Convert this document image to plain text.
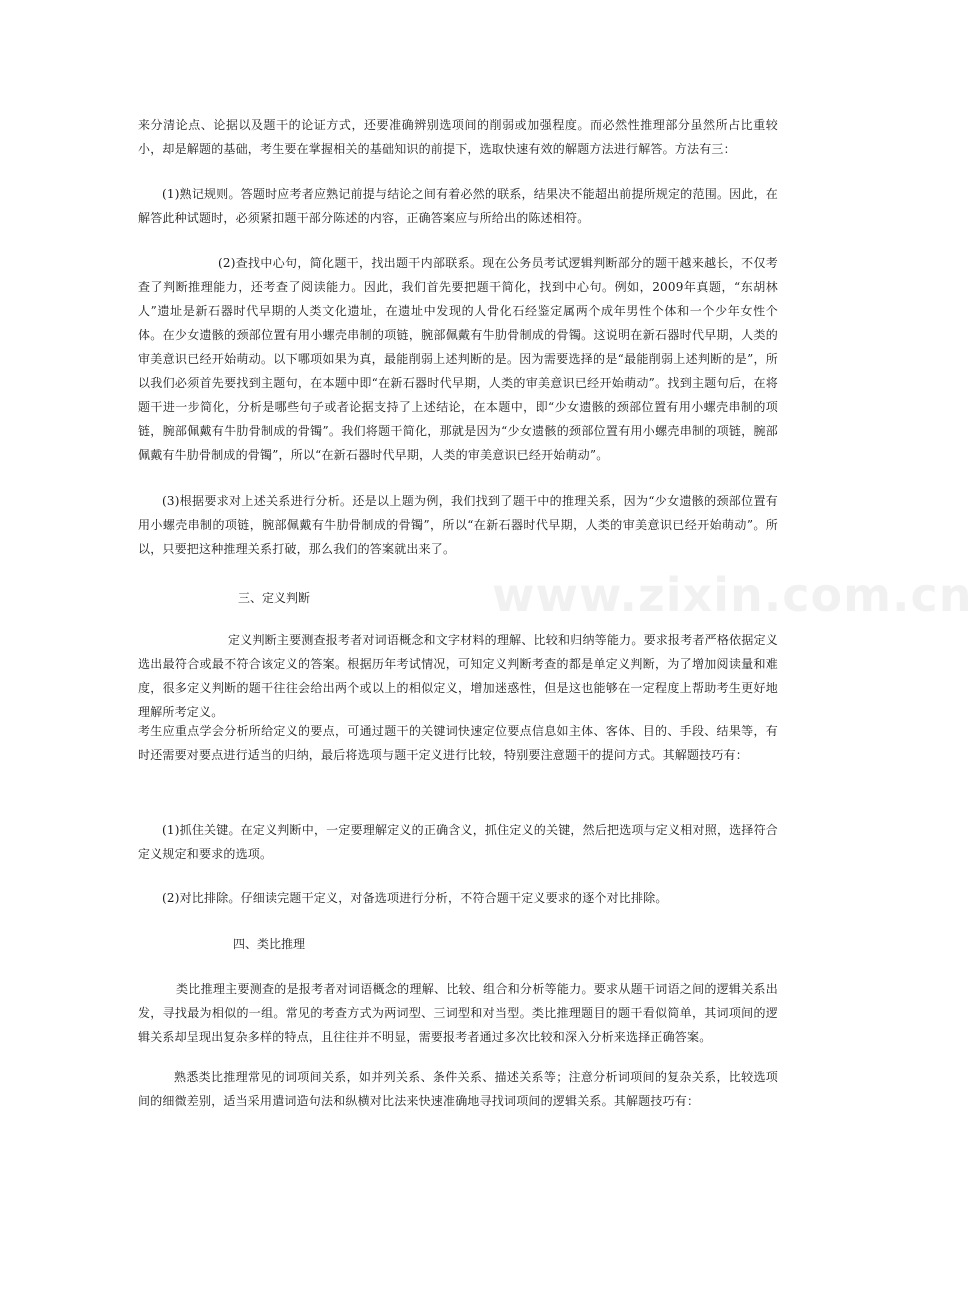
www.zixin.com.cn

来分清论点、论据以及题干的论证方式，还要准确辨别选项间的削弱或加强程度。而必然性推理部分虽然所占比重较小，却是解题的基础，考生要在掌握相关的基础知识的前提下，选取快速有效的解题方法进行解答。方法有三：

(1)熟记规则。答题时应考者应熟记前提与结论之间有着必然的联系，结果决不能超出前提所规定的范围。因此，在解答此种试题时，必须紧扣题干部分陈述的内容，正确答案应与所给出的陈述相符。

(2)查找中心句，简化题干，找出题干内部联系。现在公务员考试逻辑判断部分的题干越来越长，不仅考查了判断推理能力，还考查了阅读能力。因此，我们首先要把题干简化，找到中心句。例如，2009年真题，“东胡林人”遗址是新石器时代早期的人类文化遗址，在遗址中发现的人骨化石经鉴定属两个成年男性个体和一个少年女性个体。在少女遗骸的颈部位置有用小螺壳串制的项链，腕部佩戴有牛肋骨制成的骨镯。这说明在新石器时代早期，人类的审美意识已经开始萌动。以下哪项如果为真，最能削弱上述判断的是。因为需要选择的是“最能削弱上述判断的是”，所以我们必须首先要找到主题句，在本题中即“在新石器时代早期，人类的审美意识已经开始萌动”。找到主题句后，在将题干进一步简化，分析是哪些句子或者论据支持了上述结论，在本题中，即“少女遗骸的颈部位置有用小螺壳串制的项链，腕部佩戴有牛肋骨制成的骨镯”。我们将题干简化，那就是因为“少女遗骸的颈部位置有用小螺壳串制的项链，腕部佩戴有牛肋骨制成的骨镯”，所以“在新石器时代早期，人类的审美意识已经开始萌动”。

(3)根据要求对上述关系进行分析。还是以上题为例，我们找到了题干中的推理关系，因为“少女遗骸的颈部位置有用小螺壳串制的项链，腕部佩戴有牛肋骨制成的骨镯”，所以“在新石器时代早期，人类的审美意识已经开始萌动”。所以，只要把这种推理关系打破，那么我们的答案就出来了。

三、定义判断

定义判断主要测查报考者对词语概念和文字材料的理解、比较和归纳等能力。要求报考者严格依据定义选出最符合或最不符合该定义的答案。根据历年考试情况，可知定义判断考查的都是单定义判断，为了增加阅读量和难度，很多定义判断的题干往往会给出两个或以上的相似定义，增加迷惑性，但是这也能够在一定程度上帮助考生更好地理解所考定义。

考生应重点学会分析所给定义的要点，可通过题干的关键词快速定位要点信息如主体、客体、目的、手段、结果等，有时还需要对要点进行适当的归纳，最后将选项与题干定义进行比较，特别要注意题干的提问方式。其解题技巧有：

(1)抓住关键。在定义判断中，一定要理解定义的正确含义，抓住定义的关键，然后把选项与定义相对照，选择符合定义规定和要求的选项。

(2)对比排除。仔细读完题干定义，对备选项进行分析，不符合题干定义要求的逐个对比排除。

四、类比推理

类比推理主要测查的是报考者对词语概念的理解、比较、组合和分析等能力。要求从题干词语之间的逻辑关系出发，寻找最为相似的一组。常见的考查方式为两词型、三词型和对当型。类比推理题目的题干看似简单，其词项间的逻辑关系却呈现出复杂多样的特点，且往往并不明显，需要报考者通过多次比较和深入分析来选择正确答案。

熟悉类比推理常见的词项间关系，如并列关系、条件关系、描述关系等；注意分析词项间的复杂关系，比较选项间的细微差别，适当采用遣词造句法和纵横对比法来快速准确地寻找词项间的逻辑关系。其解题技巧有：
